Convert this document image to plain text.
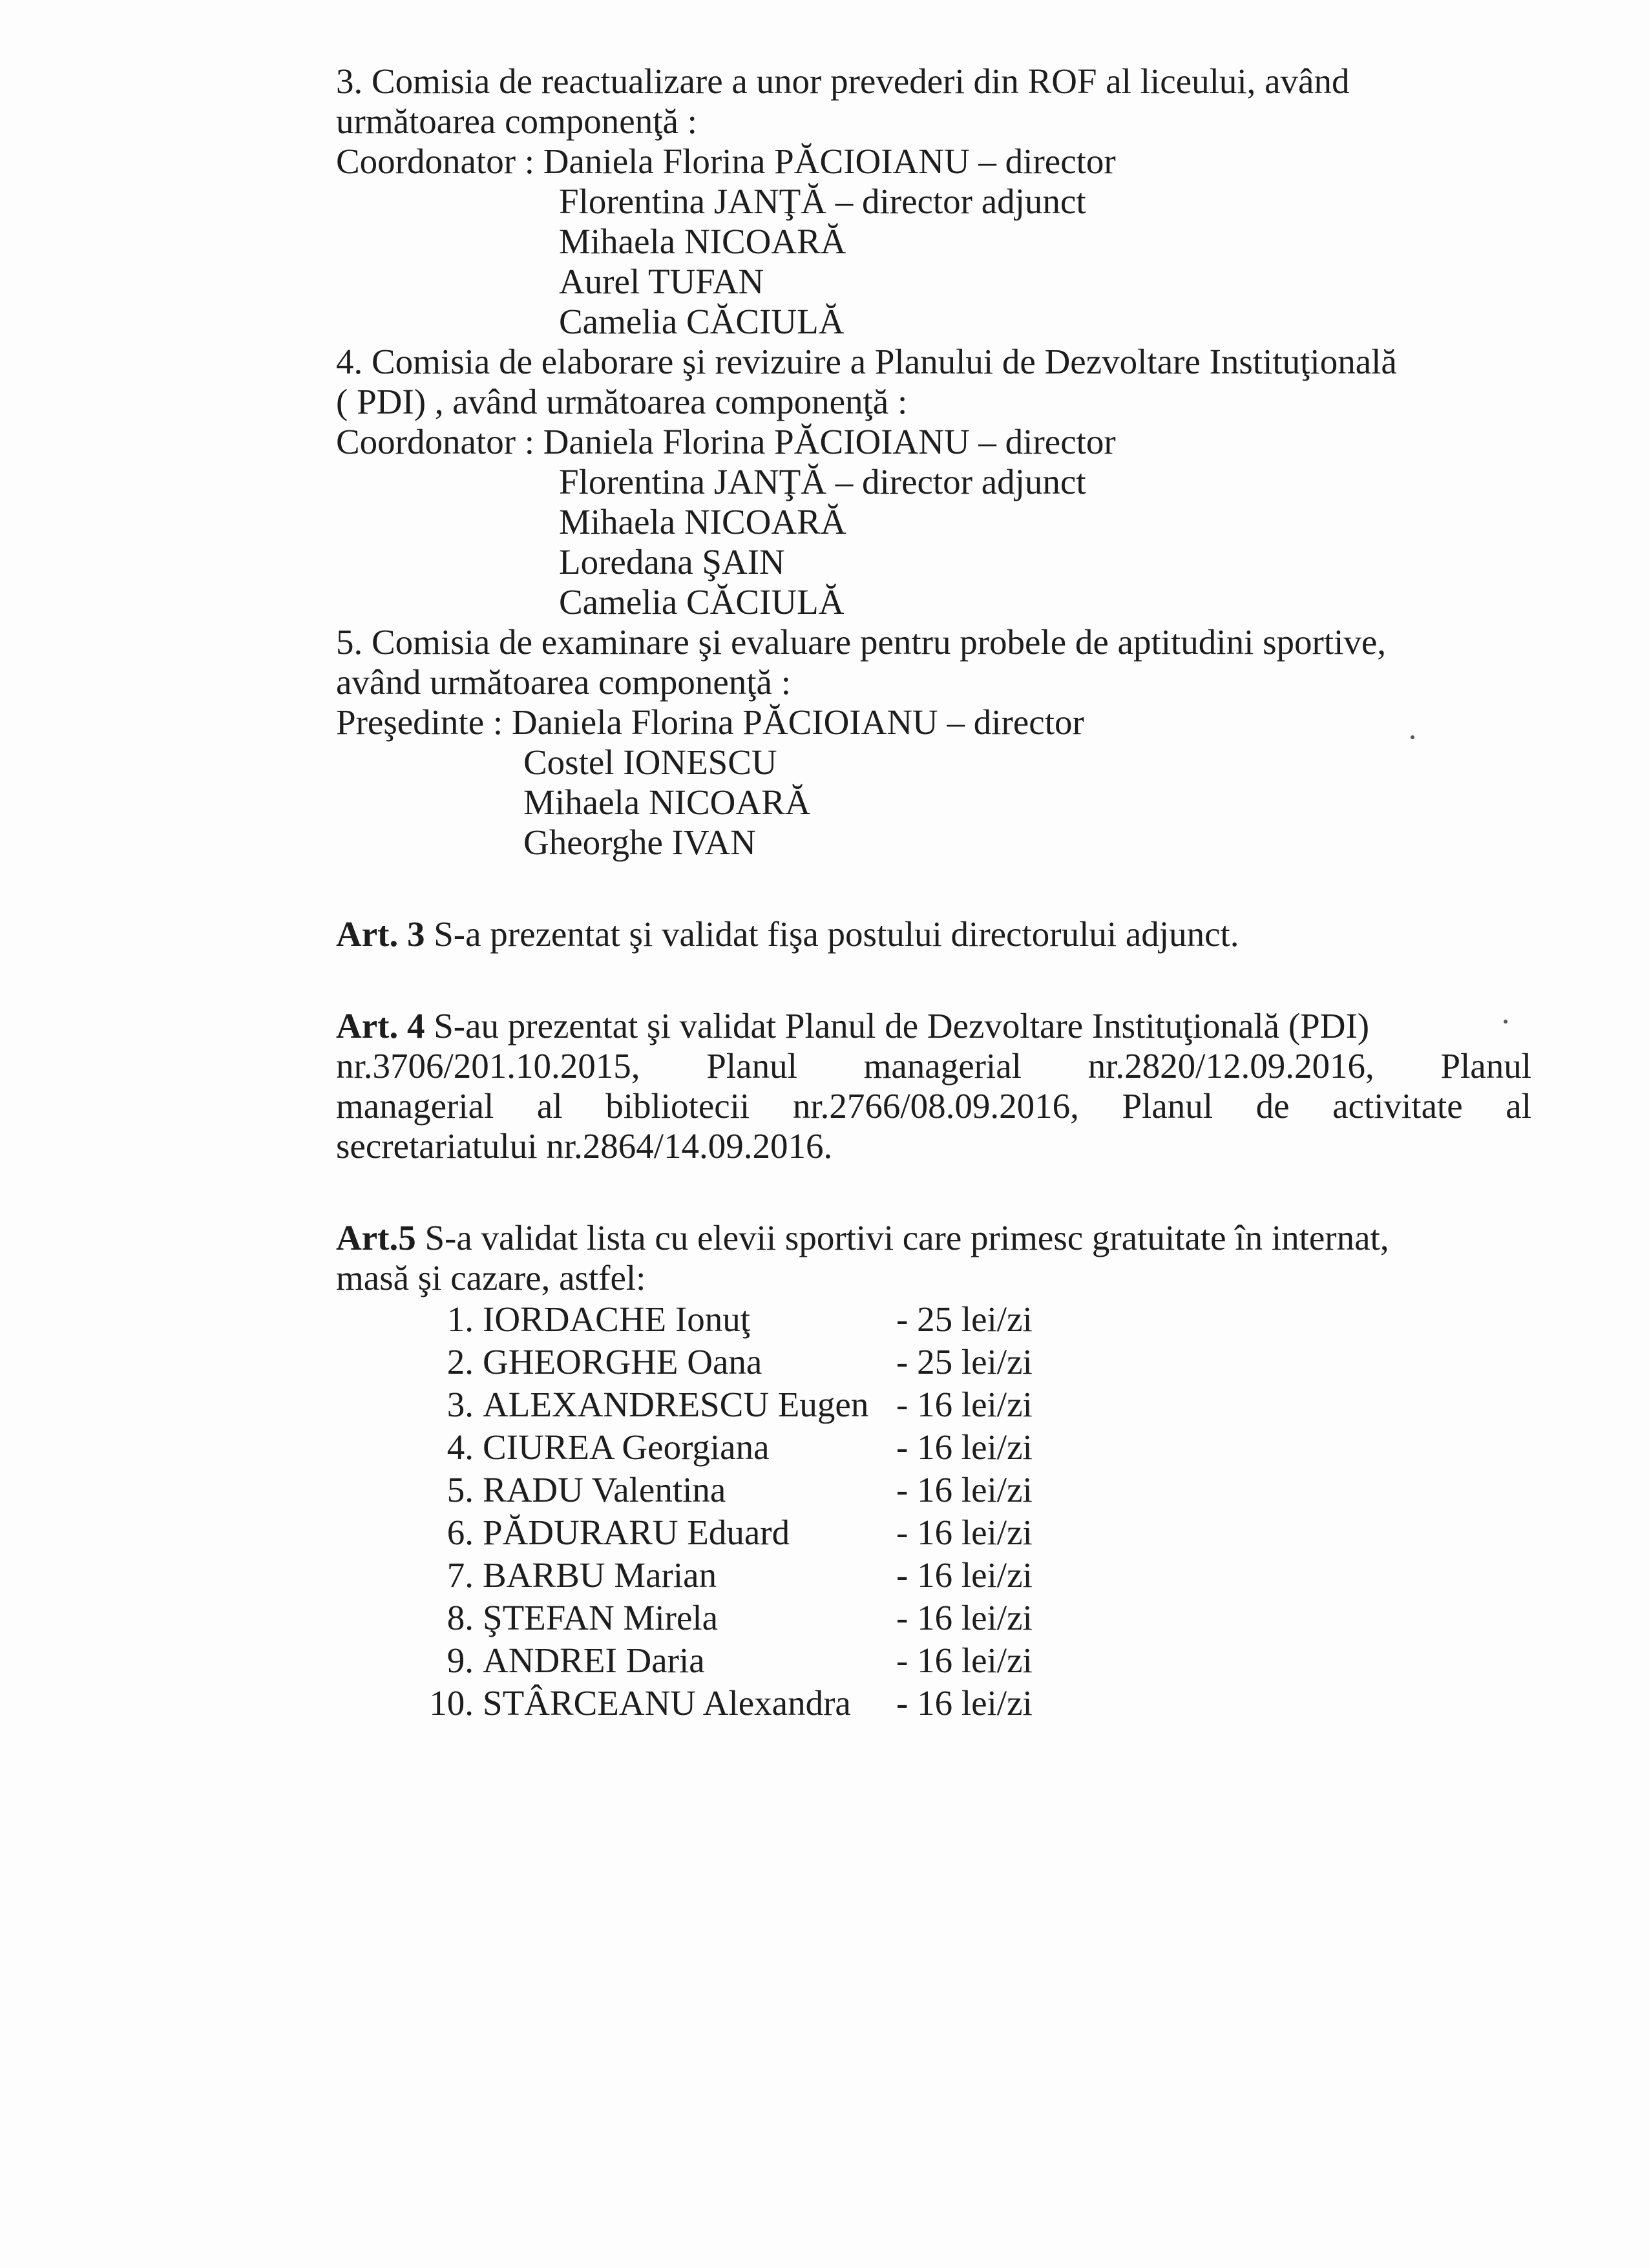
3. Comisia de reactualizare a unor prevederi din ROF al liceului, având
următoarea componenţă :
Coordonator : Daniela Florina PĂCIOIANU – director
Florentina JANŢĂ – director adjunct
Mihaela NICOARĂ
Aurel TUFAN
Camelia CĂCIULĂ
4. Comisia de elaborare şi revizuire a Planului de Dezvoltare Instituţională
( PDI) , având următoarea componenţă :
Coordonator : Daniela Florina PĂCIOIANU – director
Florentina JANŢĂ – director adjunct
Mihaela NICOARĂ
Loredana ŞAIN
Camelia CĂCIULĂ
5. Comisia de examinare şi evaluare pentru probele de aptitudini sportive,
având următoarea componenţă :
Preşedinte : Daniela Florina PĂCIOIANU – director
Costel IONESCU
Mihaela NICOARĂ
Gheorghe IVAN
Art. 3 S-a prezentat şi validat fişa postului directorului adjunct.
Art. 4 S-au prezentat şi validat Planul de Dezvoltare Instituţională (PDI)
nr.3706/201.10.2015, Planul managerial nr.2820/12.09.2016, Planul
managerial al bibliotecii nr.2766/08.09.2016, Planul de activitate al
secretariatului nr.2864/14.09.2016.
Art.5 S-a validat lista cu elevii sportivi care primesc gratuitate în internat,
masă şi cazare, astfel:
1. IORDACHE Ionuţ	- 25 lei/zi
2. GHEORGHE Oana	- 25 lei/zi
3. ALEXANDRESCU Eugen - 16 lei/zi
4. CIUREA Georgiana	- 16 lei/zi
5. RADU Valentina	- 16 lei/zi
6. PĂDURARU Eduard	- 16 lei/zi
7. BARBU Marian	- 16 lei/zi
8. ŞTEFAN Mirela	- 16 lei/zi
9. ANDREI Daria	- 16 lei/zi
10. STÂRCEANU Alexandra	- 16 lei/zi
